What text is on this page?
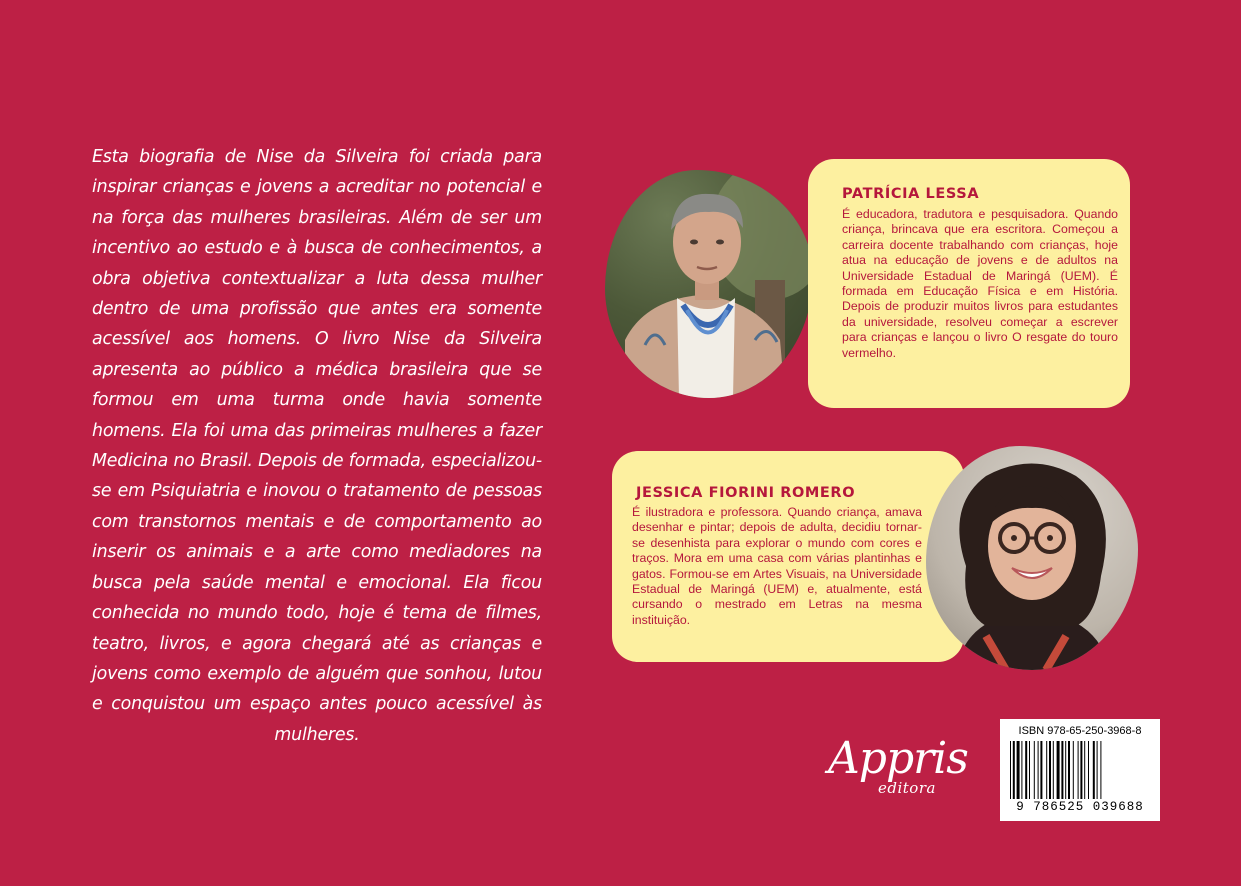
Esta biografia de Nise da Silveira foi criada para inspirar crianças e jovens a acreditar no potencial e na força das mulheres brasileiras. Além de ser um incentivo ao estudo e à busca de conhecimentos, a obra objetiva contextualizar a luta dessa mulher dentro de uma profissão que antes era somente acessível aos homens. O livro Nise da Silveira apresenta ao público a médica brasileira que se formou em uma turma onde havia somente homens. Ela foi uma das primeiras mulheres a fazer Medicina no Brasil. Depois de formada, especializou-se em Psiquiatria e inovou o tratamento de pessoas com transtornos mentais e de comportamento ao inserir os animais e a arte como mediadores na busca pela saúde mental e emocional. Ela ficou conhecida no mundo todo, hoje é tema de filmes, teatro, livros, e agora chegará até as crianças e jovens como exemplo de alguém que sonhou, lutou e conquistou um espaço antes pouco acessível às mulheres.
PATRÍCIA LESSA
É educadora, tradutora e pesquisadora. Quando criança, brincava que era escritora. Começou a carreira docente trabalhando com crianças, hoje atua na educação de jovens e de adultos na Universidade Estadual de Maringá (UEM). É formada em Educação Física e em História. Depois de produzir muitos livros para estudantes da universidade, resolveu começar a escrever para crianças e lançou o livro O resgate do touro vermelho.
JESSICA FIORINI ROMERO
É ilustradora e professora. Quando criança, amava desenhar e pintar; depois de adulta, decidiu tornar-se desenhista para explorar o mundo com cores e traços. Mora em uma casa com várias plantinhas e gatos. Formou-se em Artes Visuais, na Universidade Estadual de Maringá (UEM) e, atualmente, está cursando o mestrado em Letras na mesma instituição.
Appris
editora
ISBN 978-65-250-3968-8
9 786525 039688
